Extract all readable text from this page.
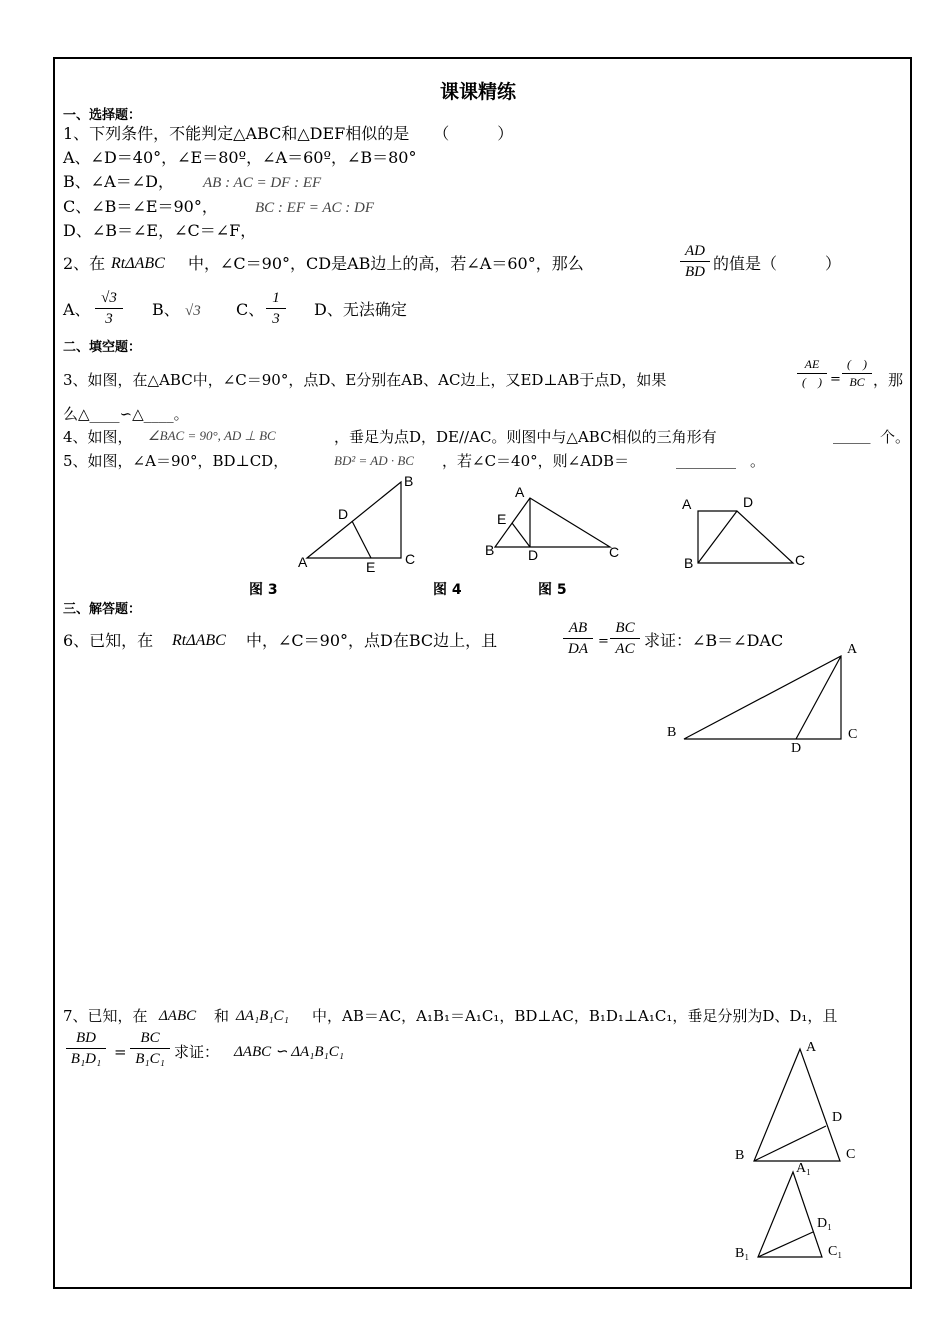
课课精练
一、选择题：
1、下列条件，不能判定△ABC和△DEF相似的是　　（　　　）
A、∠D＝40°，∠E＝80º，∠A＝60º，∠B＝80°
B、∠A＝∠D， AB : AC = DF : EF
C、∠B＝∠E＝90°， BC : EF = AC : DF
D、∠B＝∠E，∠C＝∠F，
2、在 RtΔABC 中，∠C＝90°，CD是AB边上的高，若∠A＝60°，那么
AD
BD 的值是（　　　）
A、
√3
3	B、 √3 C、
1
3	D、无法确定
二、填空题：
3、如图，在△ABC中，∠C＝90°，点D、E分别在AB、AC边上，又ED⊥AB于点D，如果
AE
(　) =
(　)
BC ，那
么△____∽△____。
4、如图， ∠BAC = 90°, AD ⊥ BC	，垂足为点D，DE//AC。则图中与△ABC相似的三角形有	_____ 个。
5、如图，∠A＝90°，BD⊥CD，	BD² = AD · BC ，若∠C＝40°，则∠ADB＝	________ 。
B
D
A	C
E
图 3
A
E
B D	C
图 4
A	D
B	C
图 5
三、解答题：
6、已知，在 RtΔABC 中，∠C＝90°，点D在BC边上，且
AB
DA =
BC
AC 求证：∠B＝∠DAC	A
B	C
D
7、已知，在 ΔABC 和 ΔA₁B₁C₁ 中，AB＝AC，A₁B₁＝A₁C₁，BD⊥AC，B₁D₁⊥A₁C₁，垂足分别为D、D₁，且
BD
B₁D₁ =
BC
B₁C₁ 求证： ΔABC ∽ ΔA₁B₁C₁	A
D
B	C
A₁
D₁
B₁	C₁
